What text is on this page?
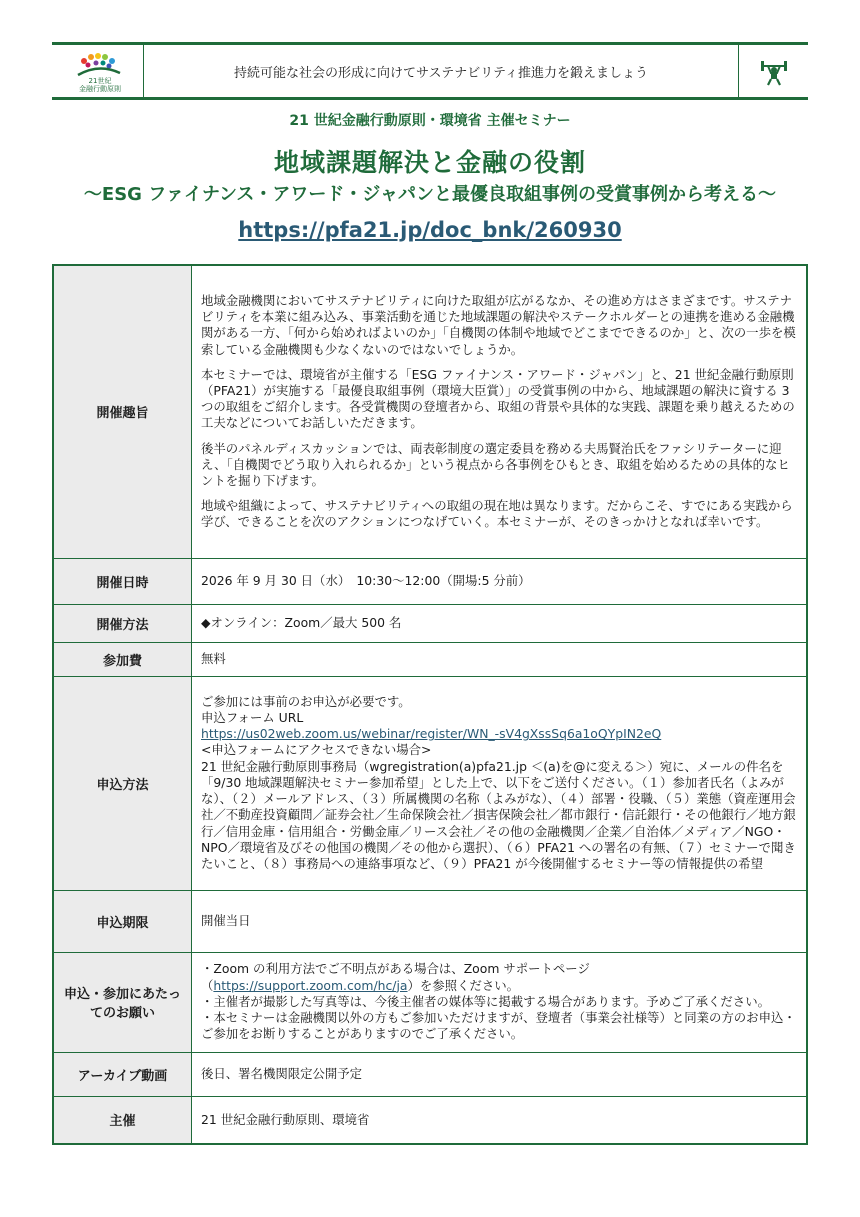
21世紀
金融行動原則
持続可能な社会の形成に向けてサステナビリティ推進力を鍛えましょう
21 世紀金融行動原則・環境省 主催セミナー
地域課題解決と金融の役割
〜ESG ファイナンス・アワード・ジャパンと最優良取組事例の受賞事例から考える〜
https://pfa21.jp/doc_bnk/260930
開催趣旨	地域金融機関においてサステナビリティに向けた取組が広がるなか、その進め方はさまざまです。サステナビリティを本業に組み込み、事業活動を通じた地域課題の解決やステークホルダーとの連携を進める金融機関がある一方、「何から始めればよいのか」「自機関の体制や地域でどこまでできるのか」と、次の一歩を模索している金融機関も少なくないのではないでしょうか。

本セミナーでは、環境省が主催する「ESG ファイナンス・アワード・ジャパン」と、21 世紀金融行動原則（PFA21）が実施する「最優良取組事例（環境大臣賞）」の受賞事例の中から、地域課題の解決に資する 3 つの取組をご紹介します。各受賞機関の登壇者から、取組の背景や具体的な実践、課題を乗り越えるための工夫などについてお話しいただきます。

後半のパネルディスカッションでは、両表彰制度の選定委員を務める夫馬賢治氏をファシリテーターに迎え、「自機関でどう取り入れられるか」という視点から各事例をひもとき、取組を始めるための具体的なヒントを掘り下げます。

地域や組織によって、サステナビリティへの取組の現在地は異なります。だからこそ、すでにある実践から学び、できることを次のアクションにつなげていく。本セミナーが、そのきっかけとなれば幸いです。

開催日時	2026 年 9 月 30 日（水）　10:30〜12:00（開場:5 分前）
開催方法	◆オンライン：Zoom／最大 500 名
参加費	無料
申込方法	ご参加には事前のお申込が必要です。
申込フォーム URL
https://us02web.zoom.us/webinar/register/WN_-sV4gXssSq6a1oQYpIN2eQ
<申込フォームにアクセスできない場合>
21 世紀金融行動原則事務局（wgregistration(a)pfa21.jp ＜(a)を@に変える＞）宛に、メールの件名を「9/30 地域課題解決セミナー参加希望」とした上で、以下をご送付ください。（１）参加者氏名（よみがな）、（２）メールアドレス、（３）所属機関の名称（よみがな）、（４）部署・役職、（５）業態（資産運用会社／不動産投資顧問／証券会社／生命保険会社／損害保険会社／都市銀行・信託銀行・その他銀行／地方銀行／信用金庫・信用組合・労働金庫／リース会社／その他の金融機関／企業／自治体／メディア／NGO・NPO／環境省及びその他国の機関／その他から選択）、（６）PFA21 への署名の有無、（７）セミナーで聞きたいこと、（８）事務局への連絡事項など、（９）PFA21 が今後開催するセミナー等の情報提供の希望

申込期限	開催当日
申込・参加にあたってのお願い	・Zoom の利用方法でご不明点がある場合は、Zoom サポートページ（https://support.zoom.com/hc/ja）を参照ください。
・主催者が撮影した写真等は、今後主催者の媒体等に掲載する場合があります。予めご了承ください。
・本セミナーは金融機関以外の方もご参加いただけますが、登壇者（事業会社様等）と同業の方のお申込・ご参加をお断りすることがありますのでご了承ください。

アーカイブ動画	後日、署名機関限定公開予定
主催	21 世紀金融行動原則、環境省
